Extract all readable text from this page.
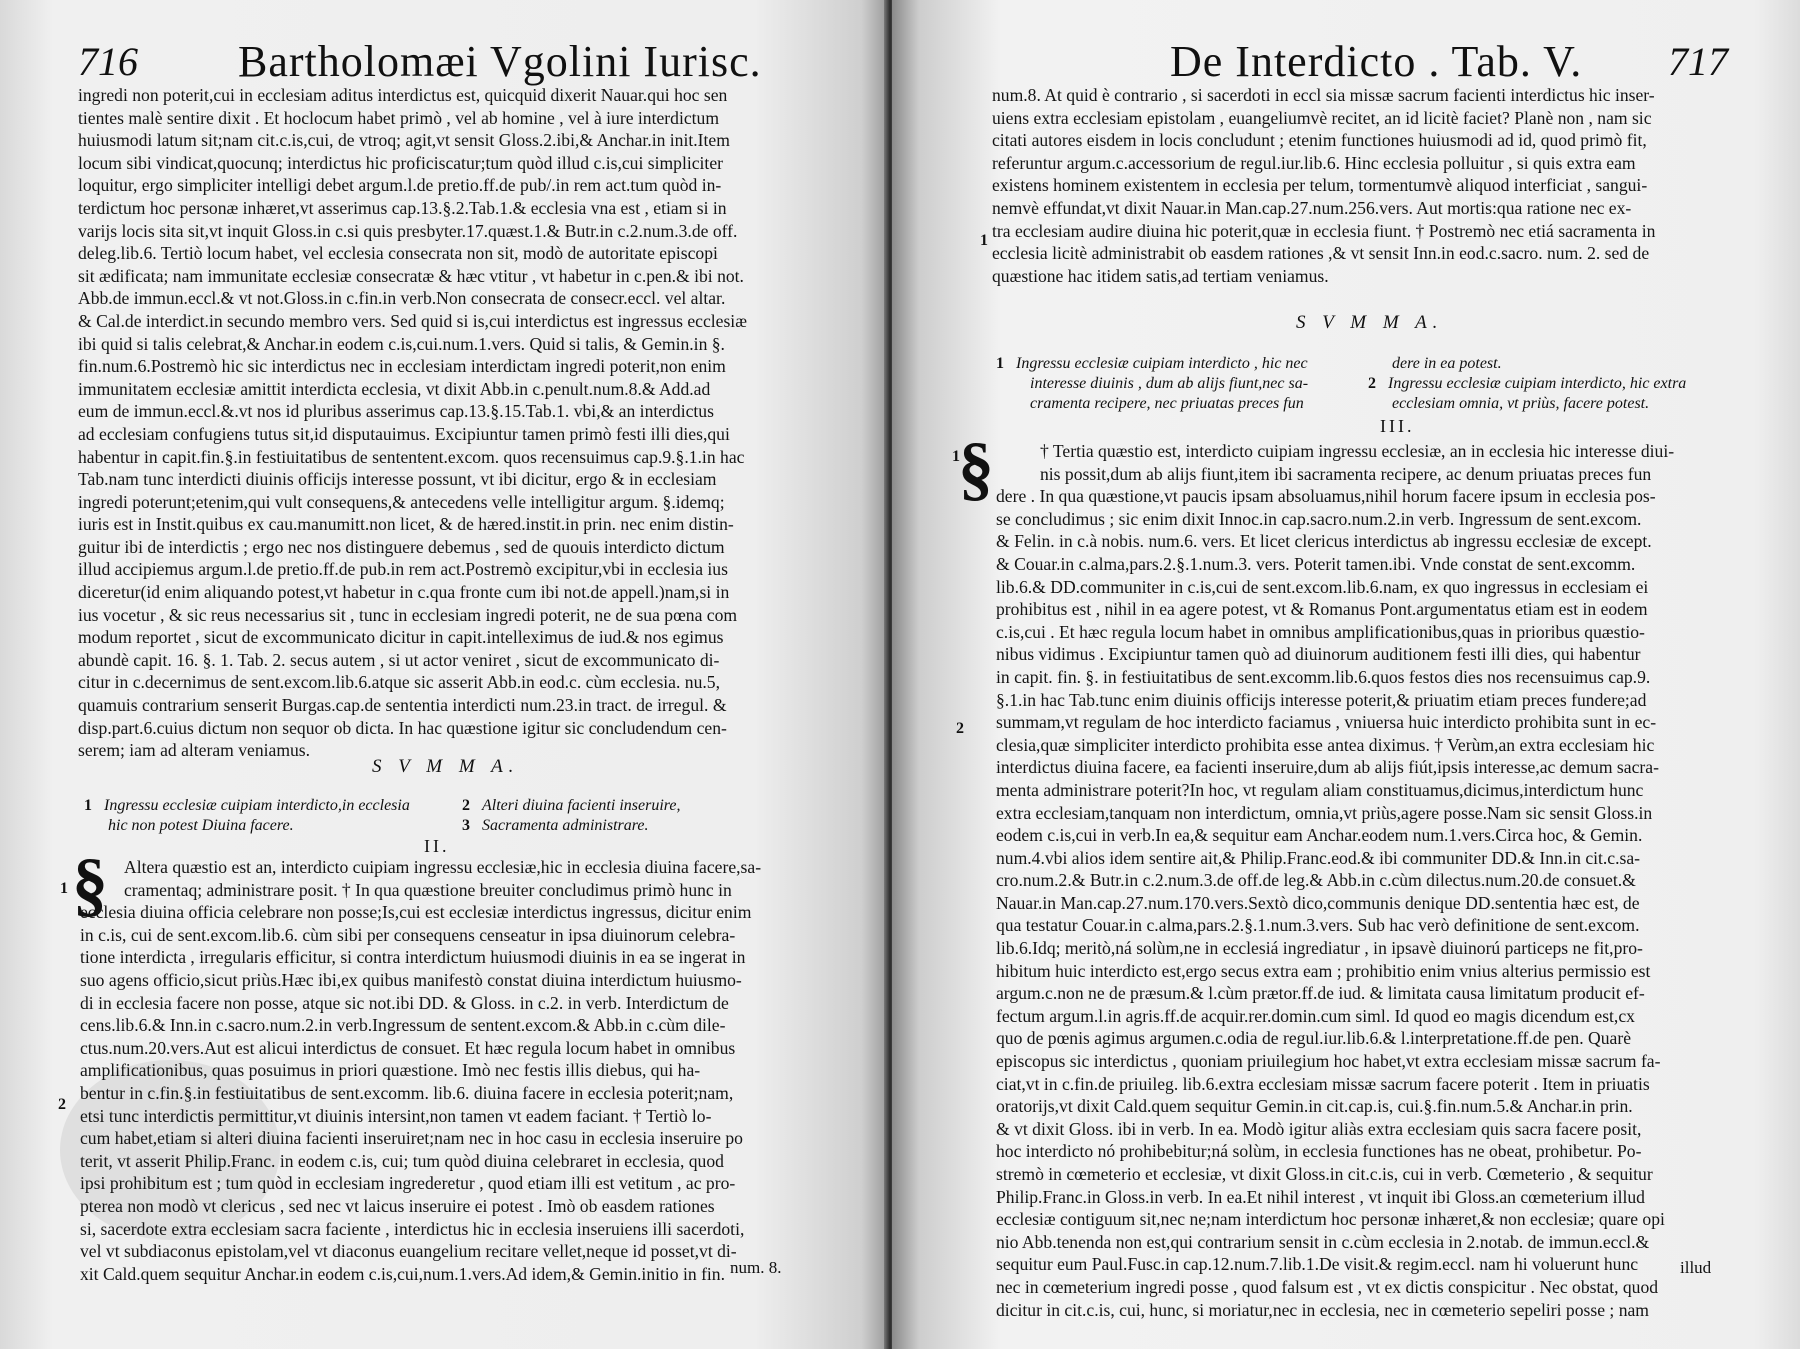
716 Bartholomæi Vgolini Iurisc.
ingredi non poterit,cui in ecclesiam aditus interdictus est, quicquid dixerit Nauar.qui hoc sen
tientes malè sentire dixit . Et hoclocum habet primò , vel ab homine , vel à iure interdictum
huiusmodi latum sit;nam cit.c.is,cui, de vtroq; agit,vt sensit Gloss.2.ibi,& Anchar.in init.Item
locum sibi vindicat,quocunq; interdictus hic proficiscatur;tum quòd illud c.is,cui simpliciter
loquitur, ergo simpliciter intelligi debet argum.l.de pretio.ff.de pub/.in rem act.tum quòd in-
terdictum hoc personæ inhæret,vt asserimus cap.13.§.2.Tab.1.& ecclesia vna est , etiam si in
varijs locis sita sit,vt inquit Gloss.in c.si quis presbyter.17.quæst.1.& Butr.in c.2.num.3.de off.
deleg.lib.6. Tertiò locum habet, vel ecclesia consecrata non sit, modò de autoritate episcopi
sit ædificata; nam immunitate ecclesiæ consecratæ & hæc vtitur , vt habetur in c.pen.& ibi not.
Abb.de immun.eccl.& vt not.Gloss.in c.fin.in verb.Non consecrata de consecr.eccl. vel altar.
& Cal.de interdict.in secundo membro vers. Sed quid si is,cui interdictus est ingressus ecclesiæ
ibi quid si talis celebrat,& Anchar.in eodem c.is,cui.num.1.vers. Quid si talis, & Gemin.in §.
fin.num.6.Postremò hic sic interdictus nec in ecclesiam interdictam ingredi poterit,non enim
immunitatem ecclesiæ amittit interdicta ecclesia, vt dixit Abb.in c.penult.num.8.& Add.ad
eum de immun.eccl.&.vt nos id pluribus asserimus cap.13.§.15.Tab.1. vbi,& an interdictus
ad ecclesiam confugiens tutus sit,id disputauimus. Excipiuntur tamen primò festi illi dies,qui
habentur in capit.fin.§.in festiuitatibus de sententent.excom. quos recensuimus cap.9.§.1.in hac
Tab.nam tunc interdicti diuinis officijs interesse possunt, vt ibi dicitur, ergo & in ecclesiam
ingredi poterunt;etenim,qui vult consequens,& antecedens velle intelligitur argum. §.idemq;
iuris est in Instit.quibus ex cau.manumitt.non licet, & de hæred.instit.in prin. nec enim distin-
guitur ibi de interdictis ; ergo nec nos distinguere debemus , sed de quouis interdicto dictum
illud accipiemus argum.l.de pretio.ff.de pub.in rem act.Postremò excipitur,vbi in ecclesia ius
diceretur(id enim aliquando potest,vt habetur in c.qua fronte cum ibi not.de appell.)nam,si in
ius vocetur , & sic reus necessarius sit , tunc in ecclesiam ingredi poterit, ne de sua pœna com
modum reportet , sicut de excommunicato dicitur in capit.intelleximus de iud.& nos egimus
abundè capit. 16. §. 1. Tab. 2. secus autem , si ut actor veniret , sicut de excommunicato di-
citur in c.decernimus de sent.excom.lib.6.atque sic asserit Abb.in eod.c. cùm ecclesia. nu.5,
quamuis contrarium senserit Burgas.cap.de sententia interdicti num.23.in tract. de irregul. &
disp.part.6.cuius dictum non sequor ob dicta. In hac quæstione igitur sic concludendum cen-
serem; iam ad alteram veniamus.
S V M M A.
1 Ingressu ecclesiæ cuipiam interdicto,in ecclesia
hic non potest Diuina facere.
2 Alteri diuina facienti inseruire,
3 Sacramenta administrare.
II.
§
1
2
Altera quæstio est an, interdicto cuipiam ingressu ecclesiæ,hic in ecclesia diuina facere,sa-
cramentaq; administrare posit. † In qua quæstione breuiter concludimus primò hunc in
ecclesia diuina officia celebrare non posse;Is,cui est ecclesiæ interdictus ingressus, dicitur enim
in c.is, cui de sent.excom.lib.6. cùm sibi per consequens censeatur in ipsa diuinorum celebra-
tione interdicta , irregularis efficitur, si contra interdictum huiusmodi diuinis in ea se ingerat in
suo agens officio,sicut priùs.Hæc ibi,ex quibus manifestò constat diuina interdictum huiusmo-
di in ecclesia facere non posse, atque sic not.ibi DD. & Gloss. in c.2. in verb. Interdictum de
cens.lib.6.& Inn.in c.sacro.num.2.in verb.Ingressum de sentent.excom.& Abb.in c.cùm dile-
ctus.num.20.vers.Aut est alicui interdictus de consuet. Et hæc regula locum habet in omnibus
amplificationibus, quas posuimus in priori quæstione. Imò nec festis illis diebus, qui ha-
bentur in c.fin.§.in festiuitatibus de sent.excomm. lib.6. diuina facere in ecclesia poterit;nam,
etsi tunc interdictis permittitur,vt diuinis intersint,non tamen vt eadem faciant. † Tertiò lo-
cum habet,etiam si alteri diuina facienti inseruiret;nam nec in hoc casu in ecclesia inseruire po
terit, vt asserit Philip.Franc. in eodem c.is, cui; tum quòd diuina celebraret in ecclesia, quod
ipsi prohibitum est ; tum quòd in ecclesiam ingrederetur , quod etiam illi est vetitum , ac pro-
pterea non modò vt clericus , sed nec vt laicus inseruire ei potest . Imò ob easdem rationes
si, sacerdote extra ecclesiam sacra faciente , interdictus hic in ecclesia inseruiens illi sacerdoti,
vel vt subdiaconus epistolam,vel vt diaconus euangelium recitare vellet,neque id posset,vt di-
xit Cald.quem sequitur Anchar.in eodem c.is,cui,num.1.vers.Ad idem,& Gemin.initio in fin. num. 8.
De Interdicto . Tab. V. 717
num.8. At quid è contrario , si sacerdoti in eccl sia missæ sacrum facienti interdictus hic inser-
uiens extra ecclesiam epistolam , euangeliumvè recitet, an id licitè faciet? Planè non , nam sic
citati autores eisdem in locis concludunt ; etenim functiones huiusmodi ad id, quod primò fit,
referuntur argum.c.accessorium de regul.iur.lib.6. Hinc ecclesia polluitur , si quis extra eam
existens hominem existentem in ecclesia per telum, tormentumvè aliquod interficiat , sangui-
nemvè effundat,vt dixit Nauar.in Man.cap.27.num.256.vers. Aut mortis:qua ratione nec ex-
tra ecclesiam audire diuina hic poterit,quæ in ecclesia fiunt. † Postremò nec etiá sacramenta in
ecclesia licitè administrabit ob easdem rationes ,& vt sensit Inn.in eod.c.sacro. num. 2. sed de
quæstione hac itidem satis,ad tertiam veniamus.
1
S V M M A.
1 Ingressu ecclesiæ cuipiam interdicto , hic nec
interesse diuinis , dum ab alijs fiunt,nec sa-
cramenta recipere, nec priuatas preces fun
dere in ea potest.
2 Ingressu ecclesiæ cuipiam interdicto, hic extra
ecclesiam omnia, vt priùs, facere potest.
III.
§
1
2
† Tertia quæstio est, interdicto cuipiam ingressu ecclesiæ, an in ecclesia hic interesse diui-
nis possit,dum ab alijs fiunt,item ibi sacramenta recipere, ac denum priuatas preces fun
dere . In qua quæstione,vt paucis ipsam absoluamus,nihil horum facere ipsum in ecclesia pos-
se concludimus ; sic enim dixit Innoc.in cap.sacro.num.2.in verb. Ingressum de sent.excom.
& Felin. in c.à nobis. num.6. vers. Et licet clericus interdictus ab ingressu ecclesiæ de except.
& Couar.in c.alma,pars.2.§.1.num.3. vers. Poterit tamen.ibi. Vnde constat de sent.excomm.
lib.6.& DD.communiter in c.is,cui de sent.excom.lib.6.nam, ex quo ingressus in ecclesiam ei
prohibitus est , nihil in ea agere potest, vt & Romanus Pont.argumentatus etiam est in eodem
c.is,cui . Et hæc regula locum habet in omnibus amplificationibus,quas in prioribus quæstio-
nibus vidimus . Excipiuntur tamen quò ad diuinorum auditionem festi illi dies, qui habentur
in capit. fin. §. in festiuitatibus de sent.excomm.lib.6.quos festos dies nos recensuimus cap.9.
§.1.in hac Tab.tunc enim diuinis officijs interesse poterit,& priuatim etiam preces fundere;ad
summam,vt regulam de hoc interdicto faciamus , vniuersa huic interdicto prohibita sunt in ec-
clesia,quæ simpliciter interdicto prohibita esse antea diximus. † Verùm,an extra ecclesiam hic
interdictus diuina facere, ea facienti inseruire,dum ab alijs fiút,ipsis interesse,ac demum sacra-
menta administrare poterit?In hoc, vt regulam aliam constituamus,dicimus,interdictum hunc
extra ecclesiam,tanquam non interdictum, omnia,vt priùs,agere posse.Nam sic sensit Gloss.in
eodem c.is,cui in verb.In ea,& sequitur eam Anchar.eodem num.1.vers.Circa hoc, & Gemin.
num.4.vbi alios idem sentire ait,& Philip.Franc.eod.& ibi communiter DD.& Inn.in cit.c.sa-
cro.num.2.& Butr.in c.2.num.3.de off.de leg.& Abb.in c.cùm dilectus.num.20.de consuet.&
Nauar.in Man.cap.27.num.170.vers.Sextò dico,communis denique DD.sententia hæc est, de
qua testatur Couar.in c.alma,pars.2.§.1.num.3.vers. Sub hac verò definitione de sent.excom.
lib.6.Idq; meritò,ná solùm,ne in ecclesiá ingrediatur , in ipsavè diuinorú particeps ne fit,pro-
hibitum huic interdicto est,ergo secus extra eam ; prohibitio enim vnius alterius permissio est
argum.c.non ne de præsum.& l.cùm prætor.ff.de iud. & limitata causa limitatum producit ef-
fectum argum.l.in agris.ff.de acquir.rer.domin.cum siml. Id quod eo magis dicendum est,cx
quo de pœnis agimus argumen.c.odia de regul.iur.lib.6.& l.interpretatione.ff.de pen. Quarè
episcopus sic interdictus , quoniam priuilegium hoc habet,vt extra ecclesiam missæ sacrum fa-
ciat,vt in c.fin.de priuileg. lib.6.extra ecclesiam missæ sacrum facere poterit . Item in priuatis
oratorijs,vt dixit Cald.quem sequitur Gemin.in cit.cap.is, cui.§.fin.num.5.& Anchar.in prin.
& vt dixit Gloss. ibi in verb. In ea. Modò igitur aliàs extra ecclesiam quis sacra facere posit,
hoc interdicto nó prohibebitur;ná solùm, in ecclesia functiones has ne obeat, prohibetur. Po-
stremò in cœmeterio et ecclesiæ, vt dixit Gloss.in cit.c.is, cui in verb. Cœmeterio , & sequitur
Philip.Franc.in Gloss.in verb. In ea.Et nihil interest , vt inquit ibi Gloss.an cœmeterium illud
ecclesiæ contiguum sit,nec ne;nam interdictum hoc personæ inhæret,& non ecclesiæ; quare opi
nio Abb.tenenda non est,qui contrarium sensit in c.cùm ecclesia in 2.notab. de immun.eccl.&
sequitur eum Paul.Fusc.in cap.12.num.7.lib.1.De visit.& regim.eccl. nam hi voluerunt hunc
nec in cœmeterium ingredi posse , quod falsum est , vt ex dictis conspicitur . Nec obstat, quod
dicitur in cit.c.is, cui, hunc, si moriatur,nec in ecclesia, nec in cœmeterio sepeliri posse ; nam
illud
